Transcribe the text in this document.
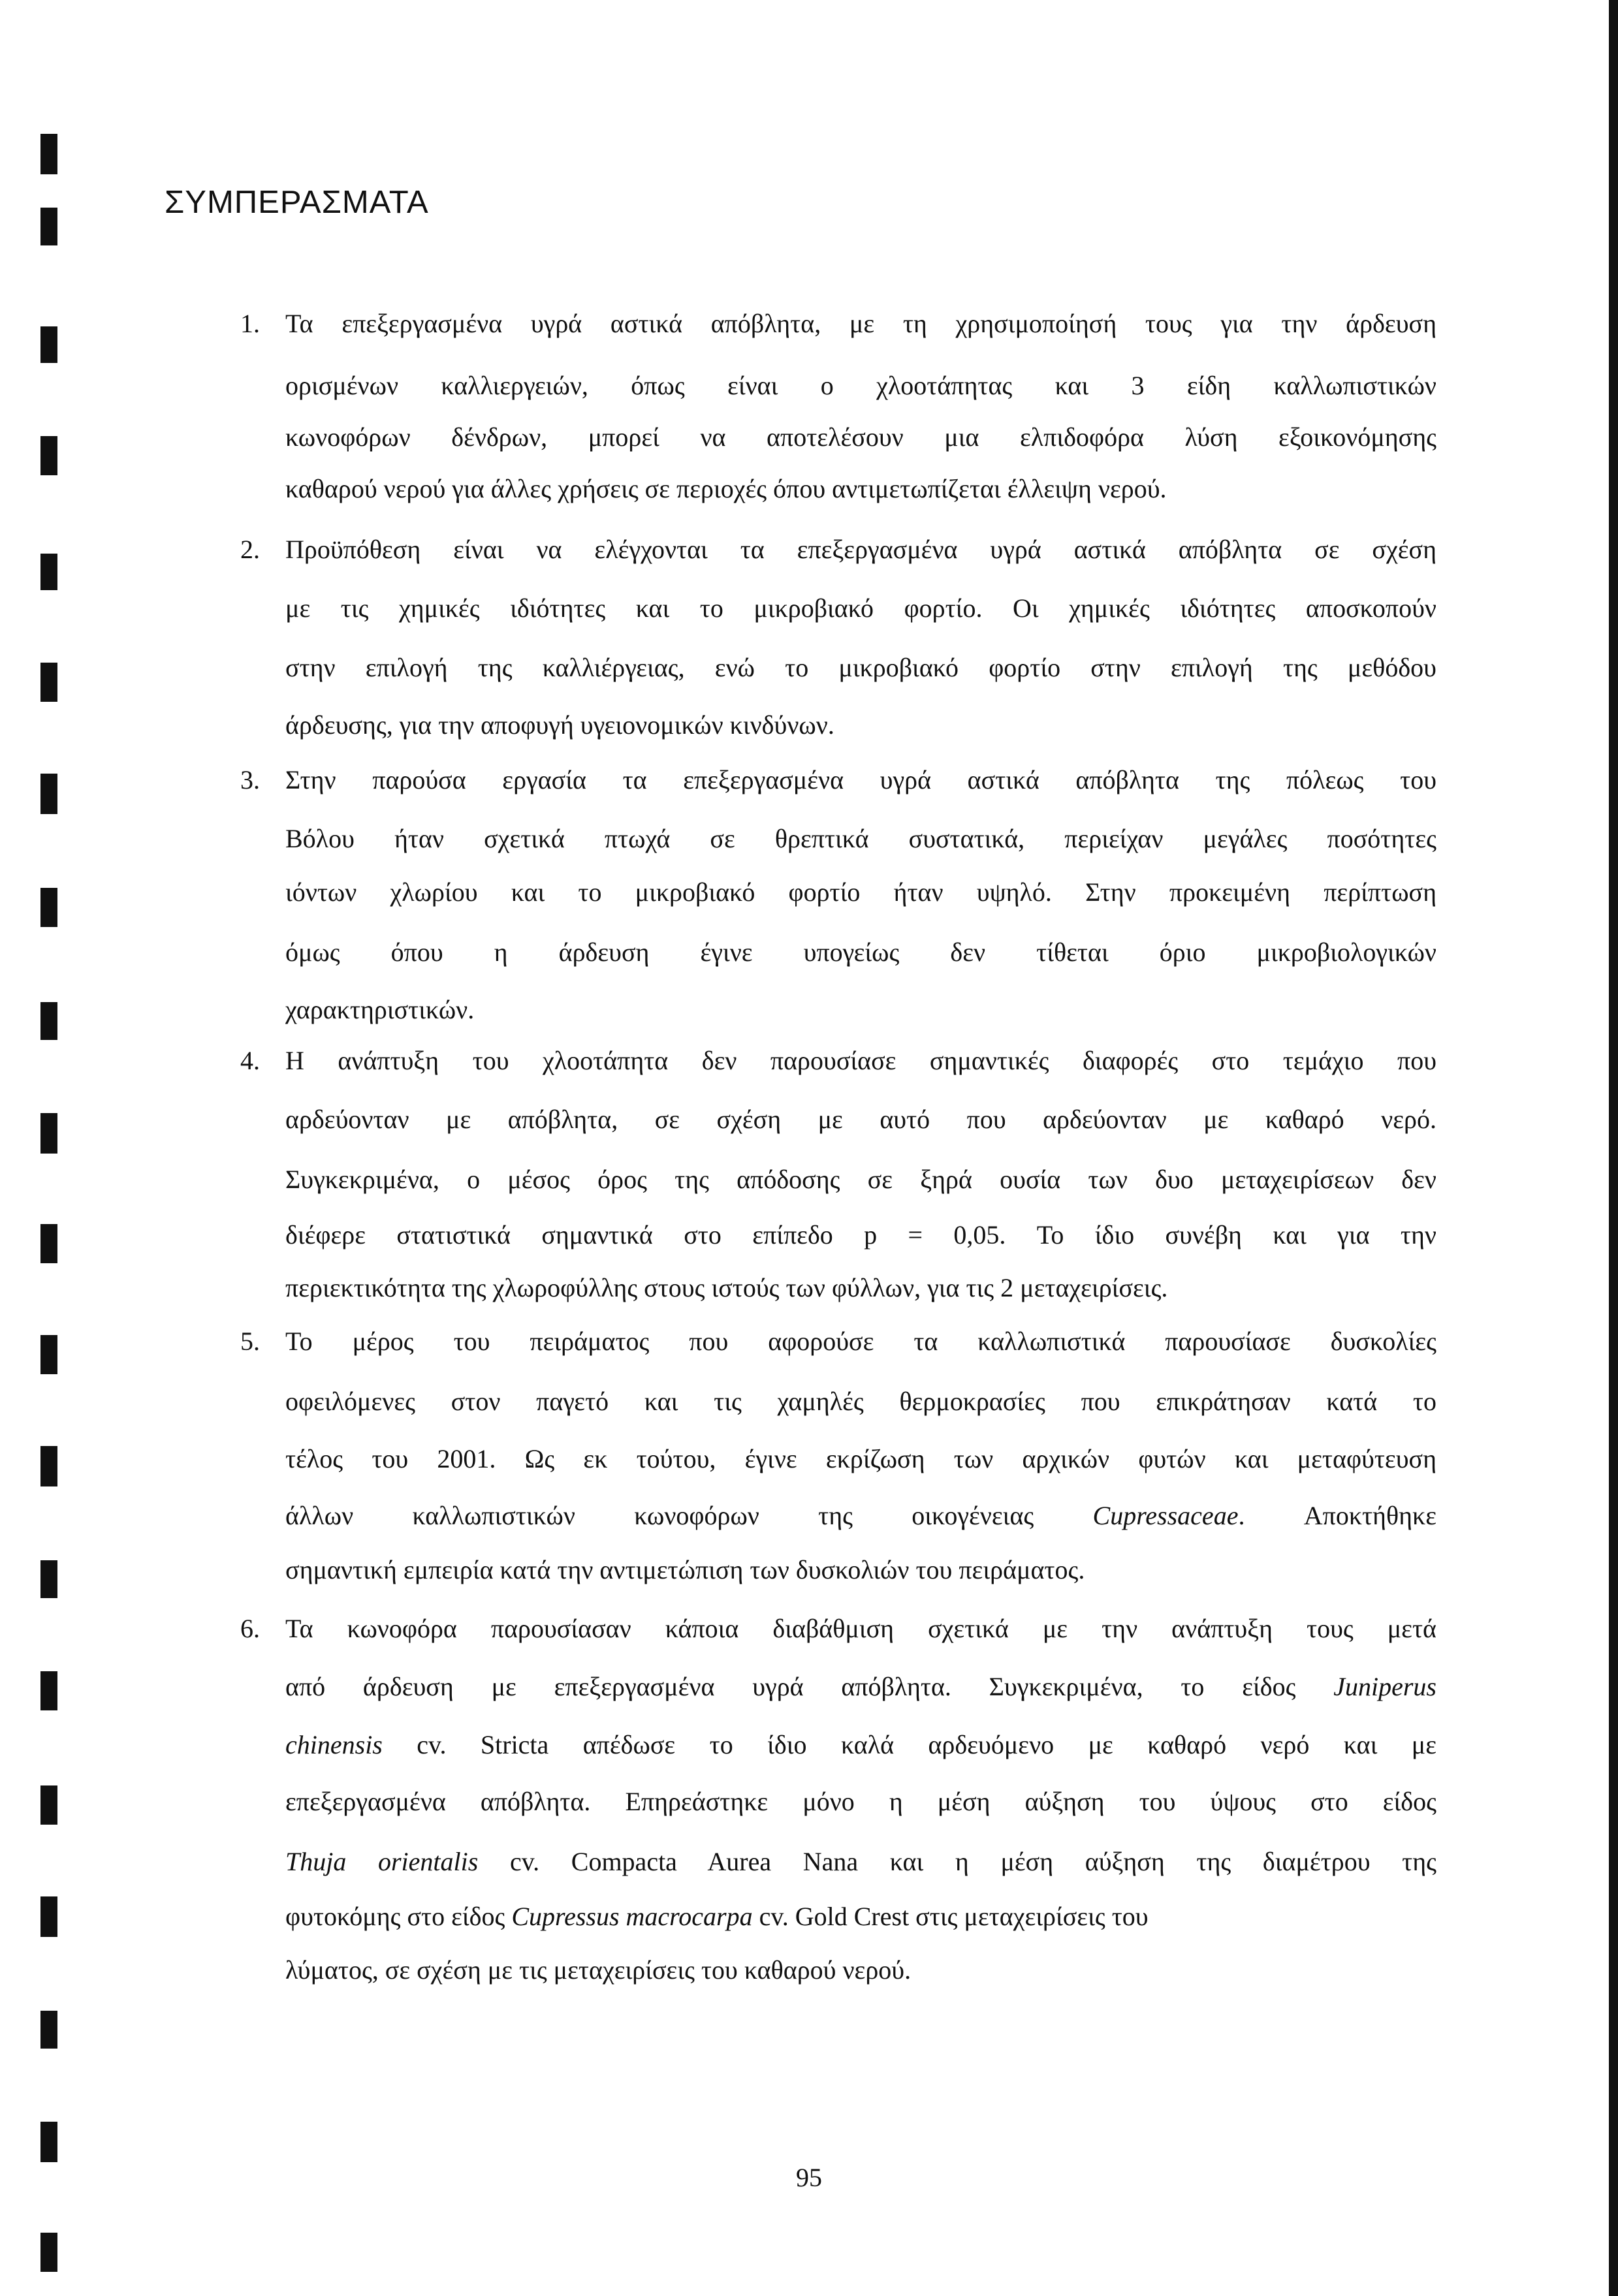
ΣΥΜΠΕΡΑΣΜΑΤΑ
1. Τα επεξεργασμένα υγρά αστικά απόβλητα, με τη χρησιμοποίησή τους για την άρδευση
ορισμένων καλλιεργειών, όπως είναι ο χλοοτάπητας και 3 είδη καλλωπιστικών
κωνοφόρων δένδρων, μπορεί να αποτελέσουν μια ελπιδοφόρα λύση εξοικονόμησης
καθαρού νερού για άλλες χρήσεις σε περιοχές όπου αντιμετωπίζεται έλλειψη νερού.
2. Προϋπόθεση είναι να ελέγχονται τα επεξεργασμένα υγρά αστικά απόβλητα σε σχέση
με τις χημικές ιδιότητες και το μικροβιακό φορτίο. Οι χημικές ιδιότητες αποσκοπούν
στην επιλογή της καλλιέργειας, ενώ το μικροβιακό φορτίο στην επιλογή της μεθόδου
άρδευσης, για την αποφυγή υγειονομικών κινδύνων.
3. Στην παρούσα εργασία τα επεξεργασμένα υγρά αστικά απόβλητα της πόλεως του
Βόλου ήταν σχετικά πτωχά σε θρεπτικά συστατικά, περιείχαν μεγάλες ποσότητες
ιόντων χλωρίου και το μικροβιακό φορτίο ήταν υψηλό. Στην προκειμένη περίπτωση
όμως όπου η άρδευση έγινε υπογείως δεν τίθεται όριο μικροβιολογικών
χαρακτηριστικών.
4. Η ανάπτυξη του χλοοτάπητα δεν παρουσίασε σημαντικές διαφορές στο τεμάχιο που
αρδεύονταν με απόβλητα, σε σχέση με αυτό που αρδεύονταν με καθαρό νερό.
Συγκεκριμένα, ο μέσος όρος της απόδοσης σε ξηρά ουσία των δυο μεταχειρίσεων δεν
διέφερε στατιστικά σημαντικά στο επίπεδο p = 0,05. Το ίδιο συνέβη και για την
περιεκτικότητα της χλωροφύλλης στους ιστούς των φύλλων, για τις 2 μεταχειρίσεις.
5. Το μέρος του πειράματος που αφορούσε τα καλλωπιστικά παρουσίασε δυσκολίες
οφειλόμενες στον παγετό και τις χαμηλές θερμοκρασίες που επικράτησαν κατά το
τέλος του 2001. Ως εκ τούτου, έγινε εκρίζωση των αρχικών φυτών και μεταφύτευση
άλλων καλλωπιστικών κωνοφόρων της οικογένειας Cupressaceae. Αποκτήθηκε
σημαντική εμπειρία κατά την αντιμετώπιση των δυσκολιών του πειράματος.
6. Τα κωνοφόρα παρουσίασαν κάποια διαβάθμιση σχετικά με την ανάπτυξη τους μετά
από άρδευση με επεξεργασμένα υγρά απόβλητα. Συγκεκριμένα, το είδος Juniperus
chinensis cv. Stricta απέδωσε το ίδιο καλά αρδευόμενο με καθαρό νερό και με
επεξεργασμένα απόβλητα. Επηρεάστηκε μόνο η μέση αύξηση του ύψους στο είδος
Thuja orientalis cv. Compacta Aurea Nana και η μέση αύξηση της διαμέτρου της
φυτοκόμης στο είδος Cupressus macrocarpa cv. Gold Crest στις μεταχειρίσεις του
λύματος, σε σχέση με τις μεταχειρίσεις του καθαρού νερού.
95
